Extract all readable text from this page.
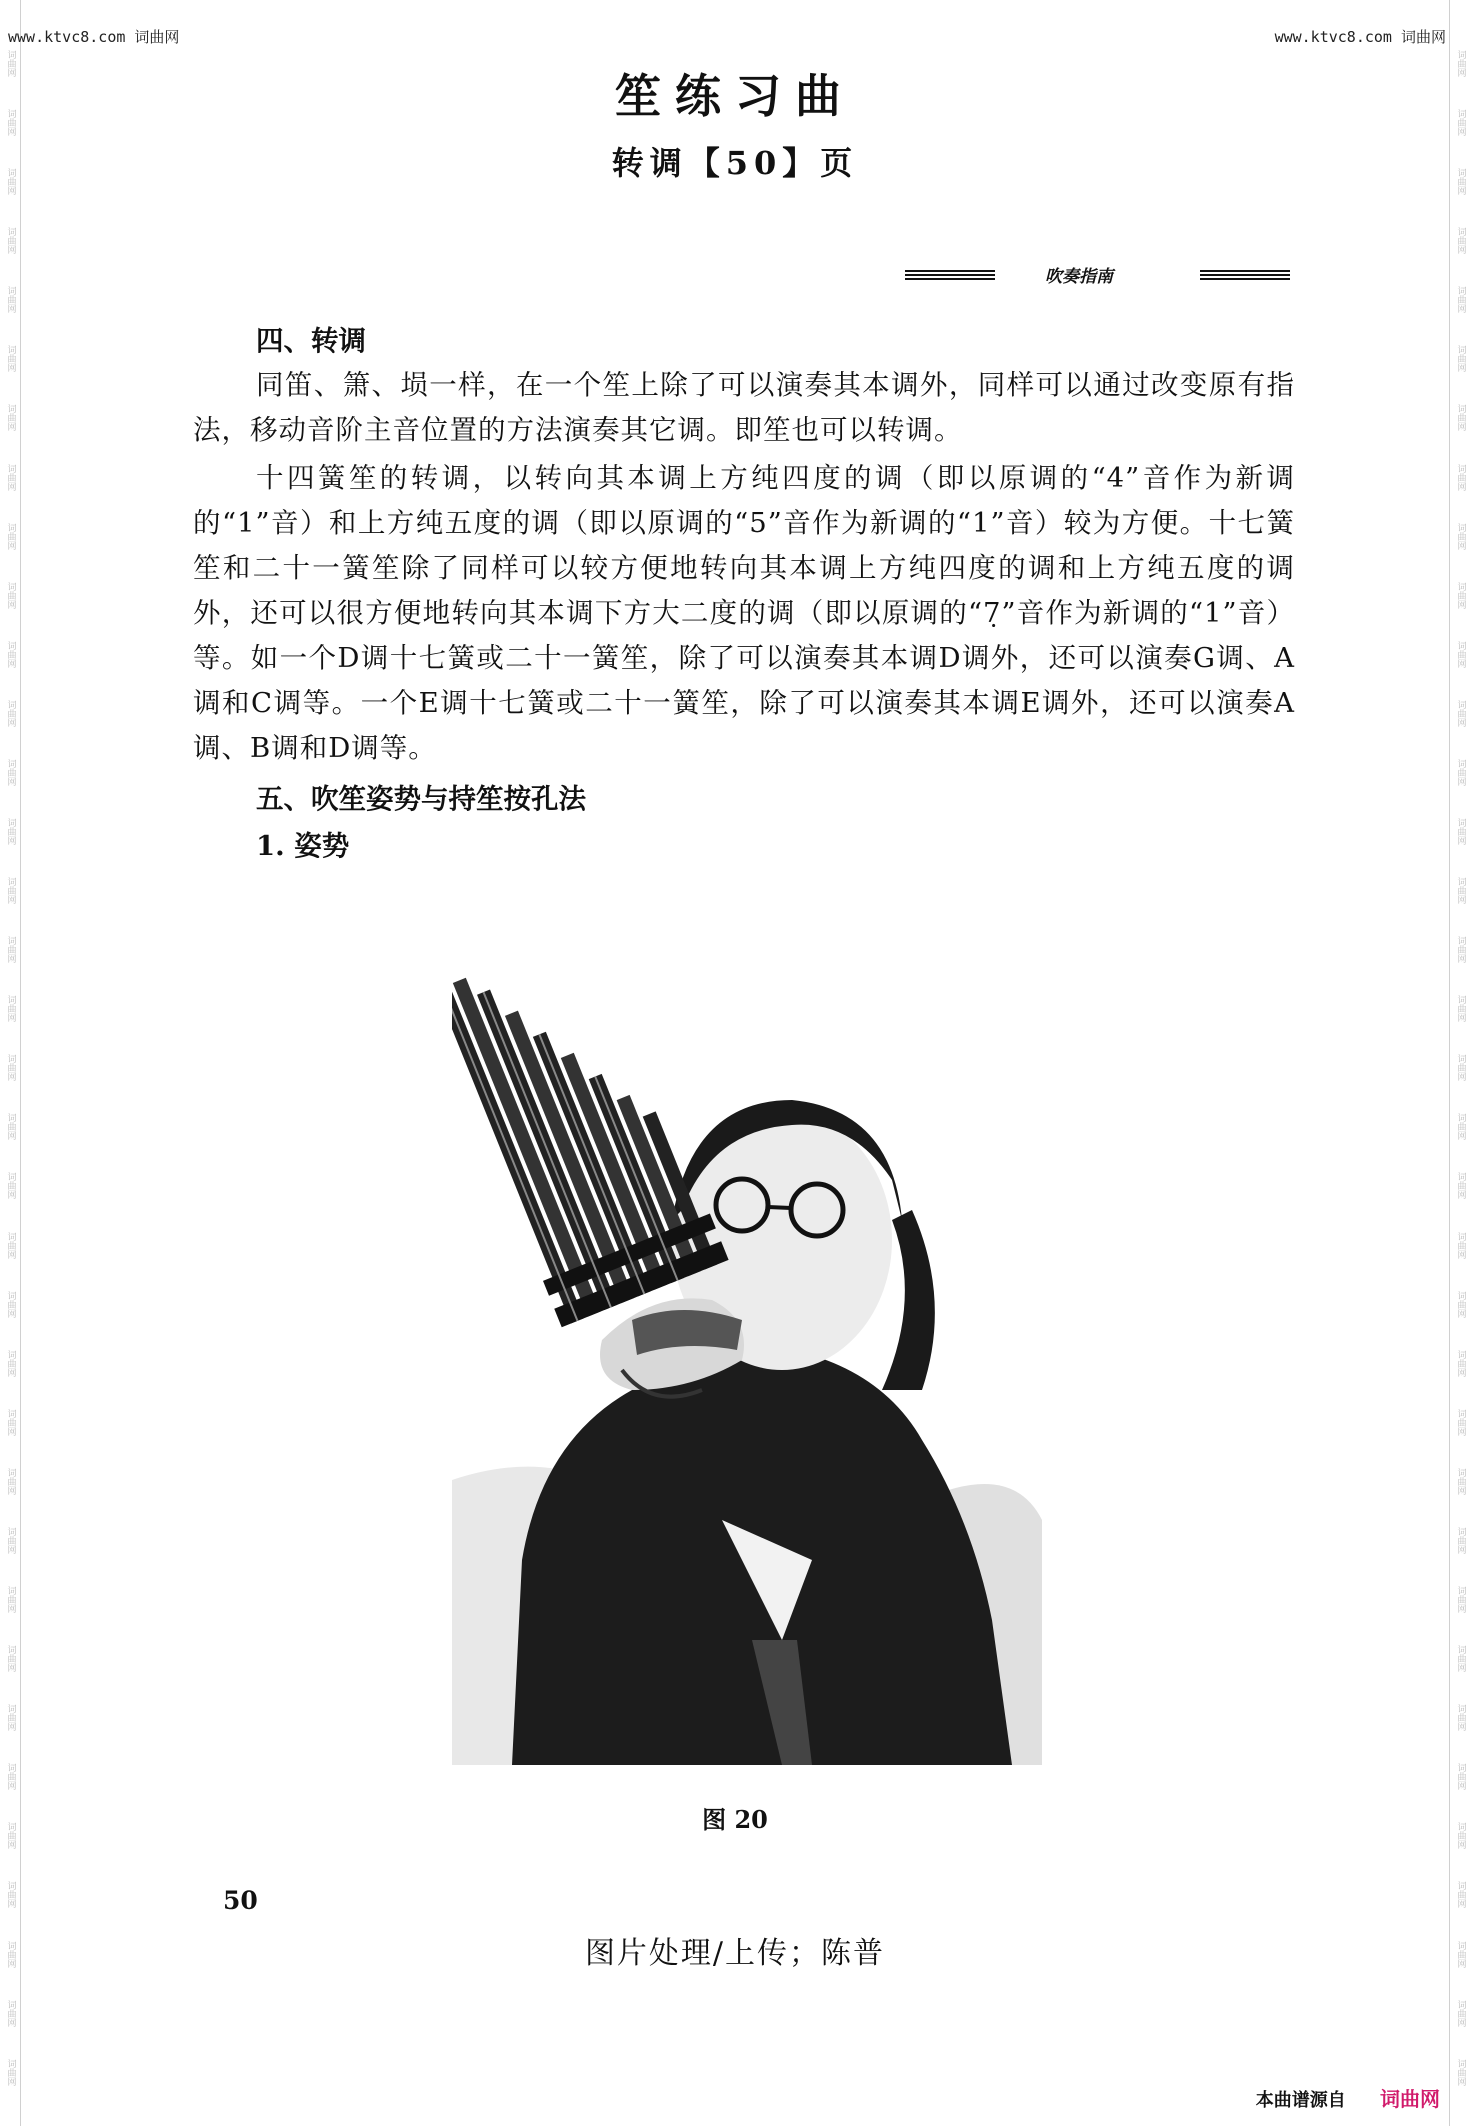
词曲网
词曲网
词曲网
词曲网
词曲网
词曲网
词曲网
词曲网
词曲网
词曲网
词曲网
词曲网
词曲网
词曲网
词曲网
词曲网
词曲网
词曲网
词曲网
词曲网
词曲网
词曲网
词曲网
词曲网
词曲网
词曲网
词曲网
词曲网
词曲网
词曲网
词曲网
词曲网
词曲网
词曲网
词曲网
词曲网
词曲网
词曲网
词曲网
词曲网
词曲网
词曲网
词曲网
词曲网
词曲网
词曲网
词曲网
词曲网
词曲网
词曲网
词曲网
词曲网
词曲网
词曲网
词曲网
词曲网
词曲网
词曲网
词曲网
词曲网
词曲网
词曲网
词曲网
词曲网
词曲网
词曲网
词曲网
词曲网
词曲网
词曲网
www.ktvc8.com 词曲网	www.ktvc8.com 词曲网
笙练习曲
转调【50】页
吹奏指南
四、转调

同笛、箫、埙一样，在一个笙上除了可以演奏其本调外，同样可以通过改变原有指法，移动音阶主音位置的方法演奏其它调。即笙也可以转调。

十四簧笙的转调，以转向其本调上方纯四度的调（即以原调的“4”音作为新调的“1”音）和上方纯五度的调（即以原调的“5”音作为新调的“1”音）较为方便。十七簧笙和二十一簧笙除了同样可以较方便地转向其本调上方纯四度的调和上方纯五度的调外，还可以很方便地转向其本调下方大二度的调（即以原调的“7̣”音作为新调的“1”音）等。如一个D调十七簧或二十一簧笙，除了可以演奏其本调D调外，还可以演奏G调、A调和C调等。一个E调十七簧或二十一簧笙，除了可以演奏其本调E调外，还可以演奏A调、B调和D调等。

五、吹笙姿势与持笙按孔法
1. 姿势
图 20
50
图片处理/上传；陈普
本曲谱源自 词曲网
